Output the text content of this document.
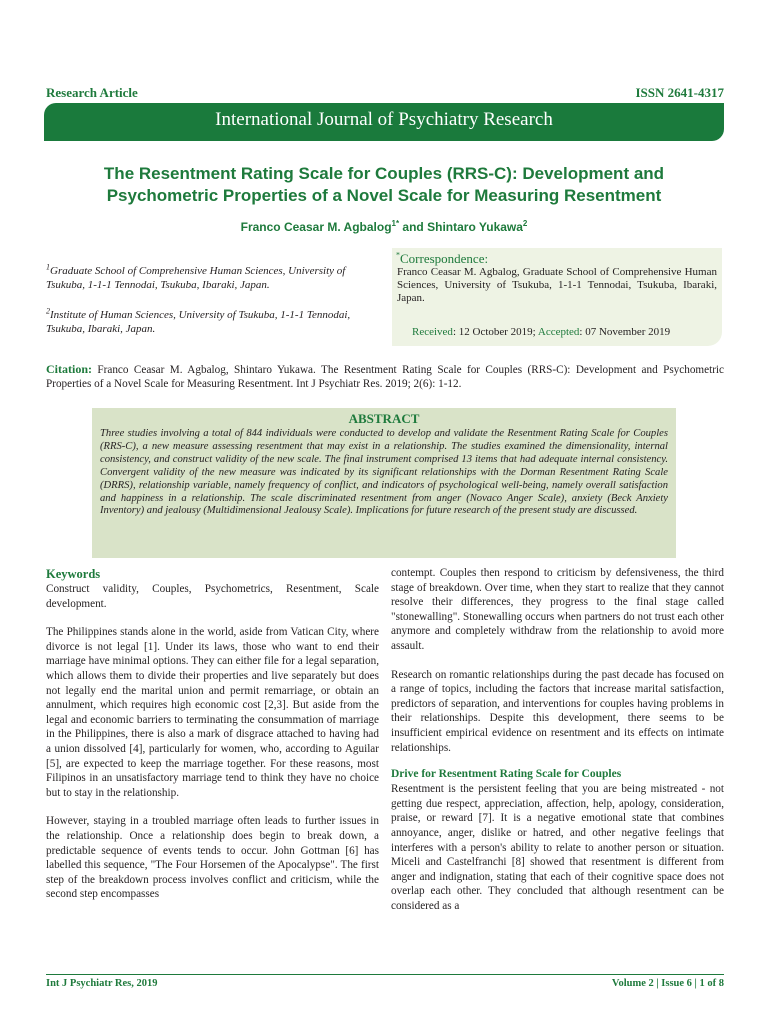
Research Article	ISSN 2641-4317
International Journal of Psychiatry Research
The Resentment Rating Scale for Couples (RRS-C): Development and
Psychometric Properties of a Novel Scale for Measuring Resentment
Franco Ceasar M. Agbalog$^{1*}$ and Shintaro Yukawa$^2$
$^1$Graduate School of Comprehensive Human Sciences, University of Tsukuba, 1-1-1 Tennodai, Tsukuba, Ibaraki, Japan.
$^2$Institute of Human Sciences, University of Tsukuba, 1-1-1 Tennodai, Tsukuba, Ibaraki, Japan.
*Correspondence:
Franco Ceasar M. Agbalog, Graduate School of Comprehensive Human Sciences, University of Tsukuba, 1-1-1 Tennodai, Tsukuba, Ibaraki, Japan.
Received: 12 October 2019; Accepted: 07 November 2019
Citation: Franco Ceasar M. Agbalog, Shintaro Yukawa. The Resentment Rating Scale for Couples (RRS-C): Development and Psychometric Properties of a Novel Scale for Measuring Resentment. Int J Psychiatr Res. 2019; 2(6): 1-12.
ABSTRACT
Three studies involving a total of 844 individuals were conducted to develop and validate the Resentment Rating Scale for Couples (RRS-C), a new measure assessing resentment that may exist in a relationship. The studies examined the dimensionality, internal consistency, and construct validity of the new scale. The final instrument comprised 13 items that had adequate internal consistency. Convergent validity of the new measure was indicated by its significant relationships with the Dorman Resentment Rating Scale (DRRS), relationship variable, namely frequency of conflict, and indicators of psychological well-being, namely overall satisfaction and happiness in a relationship. The scale discriminated resentment from anger (Novaco Anger Scale), anxiety (Beck Anxiety Inventory) and jealousy (Multidimensional Jealousy Scale). Implications for future research of the present study are discussed.
Keywords
Construct validity, Couples, Psychometrics, Resentment, Scale development.
The Philippines stands alone in the world, aside from Vatican City, where divorce is not legal [1]. Under its laws, those who want to end their marriage have minimal options. They can either file for a legal separation, which allows them to divide their properties and live separately but does not legally end the marital union and permit remarriage, or obtain an annulment, which requires high economic cost [2,3]. But aside from the legal and economic barriers to terminating the consummation of marriage in the Philippines, there is also a mark of disgrace attached to having had a union dissolved [4], particularly for women, who, according to Aguilar [5], are expected to keep the marriage together. For these reasons, most Filipinos in an unsatisfactory marriage tend to think they have no choice but to stay in the relationship.
However, staying in a troubled marriage often leads to further issues in the relationship. Once a relationship does begin to break down, a predictable sequence of events tends to occur. John Gottman [6] has labelled this sequence, "The Four Horsemen of the Apocalypse". The first step of the breakdown process involves conflict and criticism, while the second step encompasses
contempt. Couples then respond to criticism by defensiveness, the third stage of breakdown. Over time, when they start to realize that they cannot resolve their differences, they progress to the final stage called "stonewalling". Stonewalling occurs when partners do not trust each other anymore and completely withdraw from the relationship to avoid more assault.
Research on romantic relationships during the past decade has focused on a range of topics, including the factors that increase marital satisfaction, predictors of separation, and interventions for couples having problems in their relationships. Despite this development, there seems to be insufficient empirical evidence on resentment and its effects on intimate relationships.
Drive for Resentment Rating Scale for Couples
Resentment is the persistent feeling that you are being mistreated - not getting due respect, appreciation, affection, help, apology, consideration, praise, or reward [7]. It is a negative emotional state that combines annoyance, anger, dislike or hatred, and other negative feelings that interferes with a person's ability to relate to another person or situation. Miceli and Castelfranchi [8] showed that resentment is different from anger and indignation, stating that each of their cognitive space does not overlap each other. They concluded that although resentment can be considered as a
Int J Psychiatr Res, 2019	Volume 2 | Issue 6 | 1 of 8
